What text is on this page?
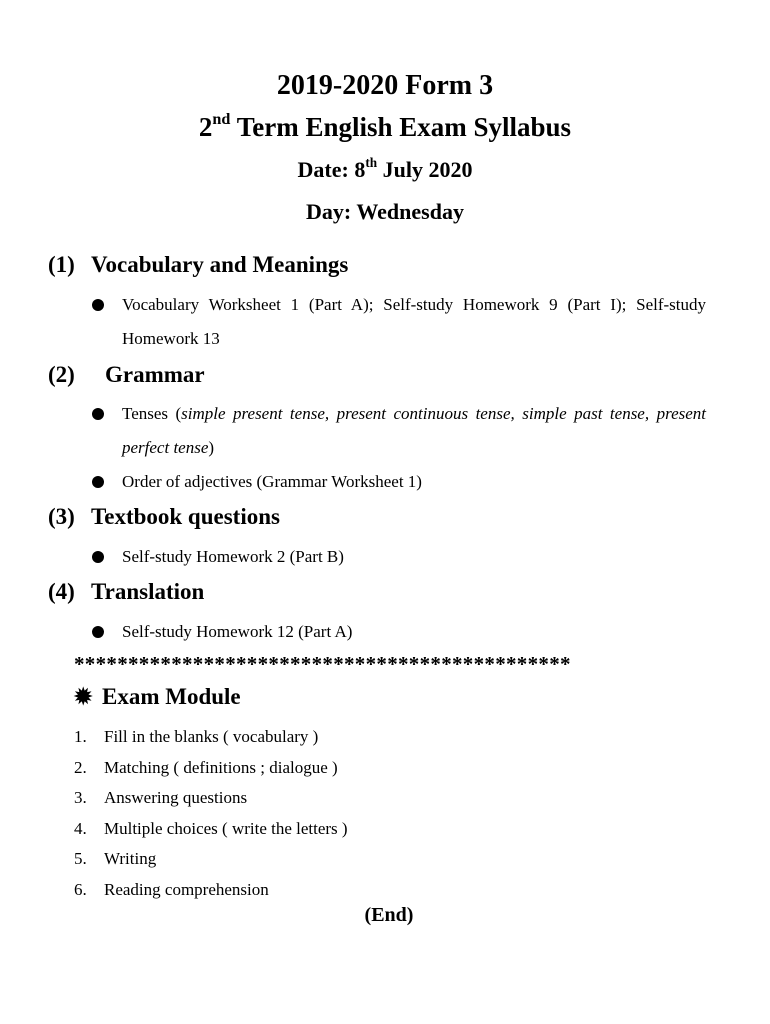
2019-2020 Form 3
2nd Term English Exam Syllabus
Date: 8th July 2020
Day: Wednesday
(1) Vocabulary and Meanings
Vocabulary Worksheet 1 (Part A); Self-study Homework 9 (Part I); Self-study Homework 13
(2) Grammar
Tenses (simple present tense, present continuous tense, simple past tense, present perfect tense)
Order of adjectives (Grammar Worksheet 1)
(3) Textbook questions
Self-study Homework 2 (Part B)
(4) Translation
Self-study Homework 12 (Part A)
**********************************************
✹ Exam Module
1. Fill in the blanks ( vocabulary )
2. Matching ( definitions ; dialogue )
3. Answering questions
4. Multiple choices ( write the letters )
5. Writing
6. Reading comprehension
(End)
